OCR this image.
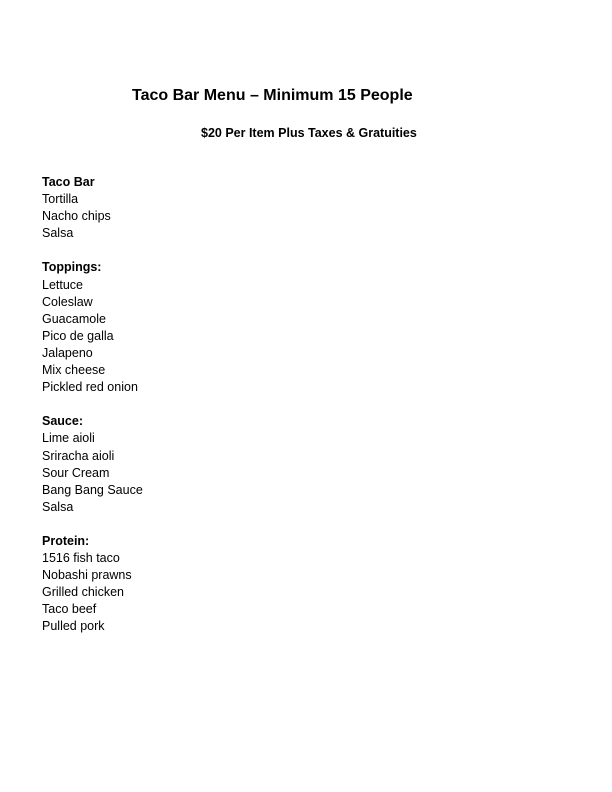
Taco Bar Menu – Minimum 15 People
$20 Per Item Plus Taxes & Gratuities
Taco Bar
Tortilla
Nacho chips
Salsa
Toppings:
Lettuce
Coleslaw
Guacamole
Pico de galla
Jalapeno
Mix cheese
Pickled red onion
Sauce:
Lime aioli
Sriracha aioli
Sour Cream
Bang Bang Sauce
Salsa
Protein:
1516 fish taco
Nobashi prawns
Grilled chicken
Taco beef
Pulled pork
